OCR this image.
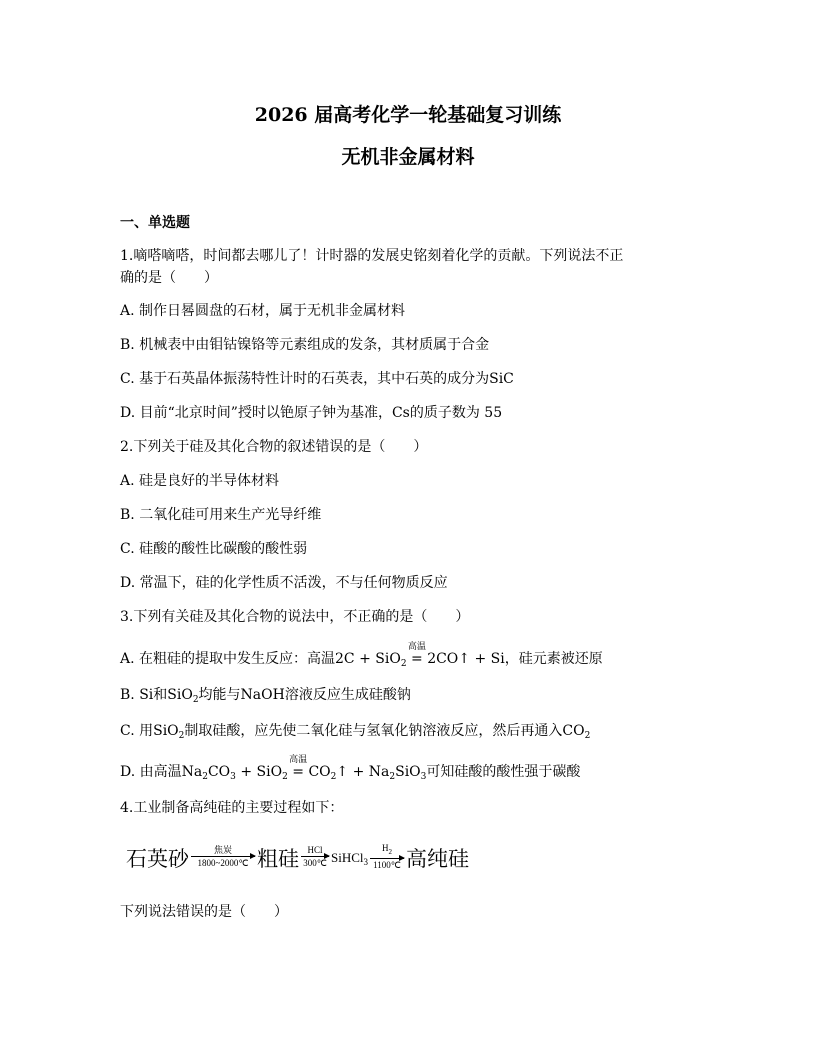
2026 届高考化学一轮基础复习训练
无机非金属材料
一、单选题
1.嘀嗒嘀嗒，时间都去哪儿了！计时器的发展史铭刻着化学的贡献。下列说法不正
确的是（　　）
A. 制作日晷圆盘的石材，属于无机非金属材料
B. 机械表中由钼钴镍铬等元素组成的发条，其材质属于合金
C. 基于石英晶体振荡特性计时的石英表，其中石英的成分为SiC
D. 目前“北京时间”授时以铯原子钟为基准，Cs的质子数为 55
2.下列关于硅及其化合物的叙述错误的是（　　）
A. 硅是良好的半导体材料
B. 二氧化硅可用来生产光导纤维
C. 硅酸的酸性比碳酸的酸性弱
D. 常温下，硅的化学性质不活泼，不与任何物质反应
3.下列有关硅及其化合物的说法中，不正确的是（　　）
A. 在粗硅的提取中发生反应：高温2C + SiO$_2$
高温
= 2CO↑ + Si，硅元素被还原
B. Si和SiO$_2$均能与NaOH溶液反应生成硅酸钠
C. 用SiO$_2$制取硅酸，应先使二氧化硅与氢氧化钠溶液反应，然后再通入$CO_2$
D. 由高温$Na_2CO_3 + SiO_2$
高温
= $CO_2↑ + Na_2SiO_3$可知硅酸的酸性强于碳酸
4.工业制备高纯硅的主要过程如下：
石英砂	焦炭
1800~2000℃ 粗硅 HCl
300℃ SiHCl$_3$
$H_2$
1100℃ 高纯硅
下列说法错误的是（　　）
